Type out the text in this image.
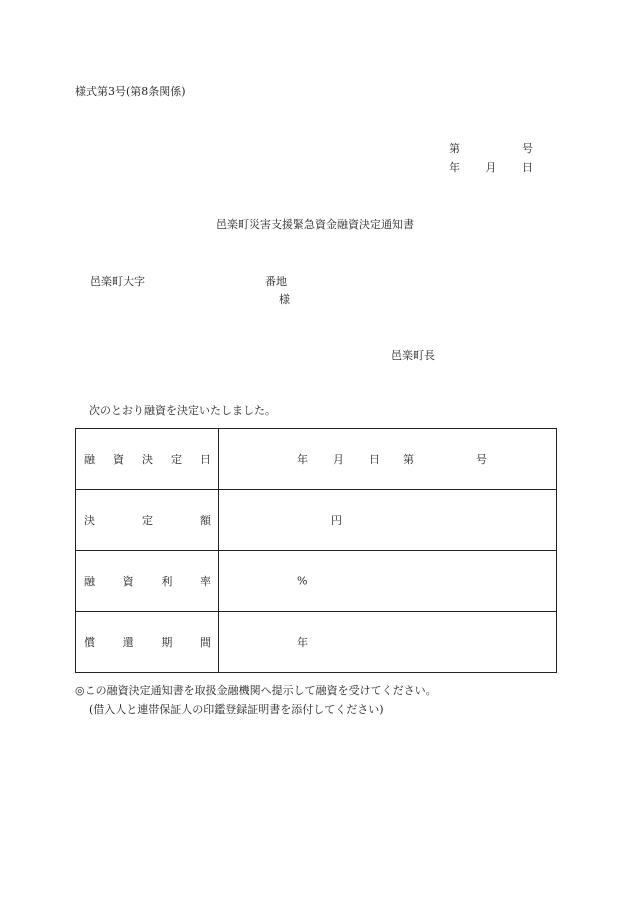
様式第3号(第8条関係)
第	号
年 月 日
邑楽町災害支援緊急資金融資決定通知書
邑楽町大字	番地
様
邑楽町長
次のとおり融資を決定いたしました。
融 資 決 定 日	年 月 日 第 号

決 定 額	円

融 資 利 率	%

償 還 期 間	年
◎この融資決定通知書を取扱金融機関へ提示して融資を受けてください。
(借入人と連帯保証人の印鑑登録証明書を添付してください)
